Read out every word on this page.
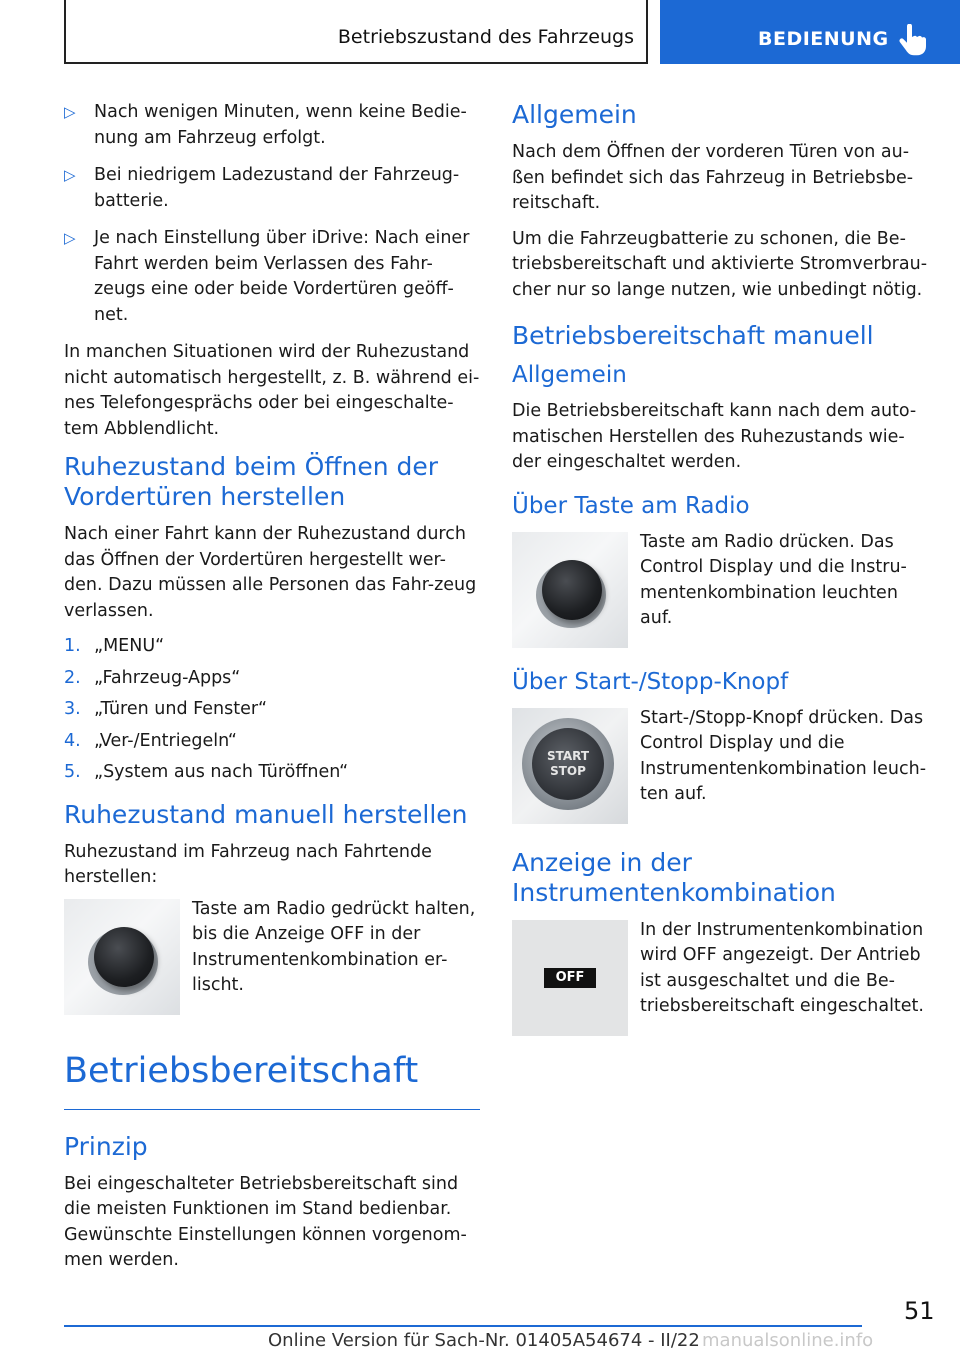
Betriebszustand des Fahrzeugs	BEDIENUNG
▷ Nach wenigen Minuten, wenn keine Bedie-nung am Fahrzeug erfolgt.
▷ Bei niedrigem Ladezustand der Fahrzeug-batterie.
▷ Je nach Einstellung über iDrive: Nach einer Fahrt werden beim Verlassen des Fahr-zeugs eine oder beide Vordertüren geöff-net.

In manchen Situationen wird der Ruhezustand nicht automatisch hergestellt, z. B. während ei-nes Telefongesprächs oder bei eingeschalte-tem Abblendlicht.

Ruhezustand beim Öffnen der Vordertüren herstellen

Nach einer Fahrt kann der Ruhezustand durch das Öffnen der Vordertüren hergestellt wer-den. Dazu müssen alle Personen das Fahr-zeug verlassen.

1. „MENU“
2. „Fahrzeug-Apps“
3. „Türen und Fenster“
4. „Ver-/Entriegeln“
5. „System aus nach Türöffnen“
Ruhezustand manuell herstellen

Ruhezustand im Fahrzeug nach Fahrtende herstellen:

Taste am Radio gedrückt halten, bis die Anzeige OFF in der Instrumentenkombination er-lischt.
Betriebsbereitschaft
Prinzip

Bei eingeschalteter Betriebsbereitschaft sind die meisten Funktionen im Stand bedienbar. Gewünschte Einstellungen können vorgenom-men werden.

Allgemein

Nach dem Öffnen der vorderen Türen von au-ßen befindet sich das Fahrzeug in Betriebsbe-reitschaft.

Um die Fahrzeugbatterie zu schonen, die Be-triebsbereitschaft und aktivierte Stromverbrau-cher nur so lange nutzen, wie unbedingt nötig.

Betriebsbereitschaft manuell
Allgemein

Die Betriebsbereitschaft kann nach dem auto-matischen Herstellen des Ruhezustands wie-der eingeschaltet werden.

Über Taste am Radio
Taste am Radio drücken. Das Control Display und die Instru-mentenkombination leuchten auf.
Über Start-/Stopp-Knopf
START
STOP
Start-/Stopp-Knopf drücken. Das Control Display und die Instrumentenkombination leuch-ten auf.
Anzeige in der Instrumentenkombination
OFF
In der Instrumentenkombination wird OFF angezeigt. Der Antrieb ist ausgeschaltet und die Be-triebsbereitschaft eingeschaltet.
51
Online Version für Sach-Nr. 01405A54674 - II/22 manualsonline.info
